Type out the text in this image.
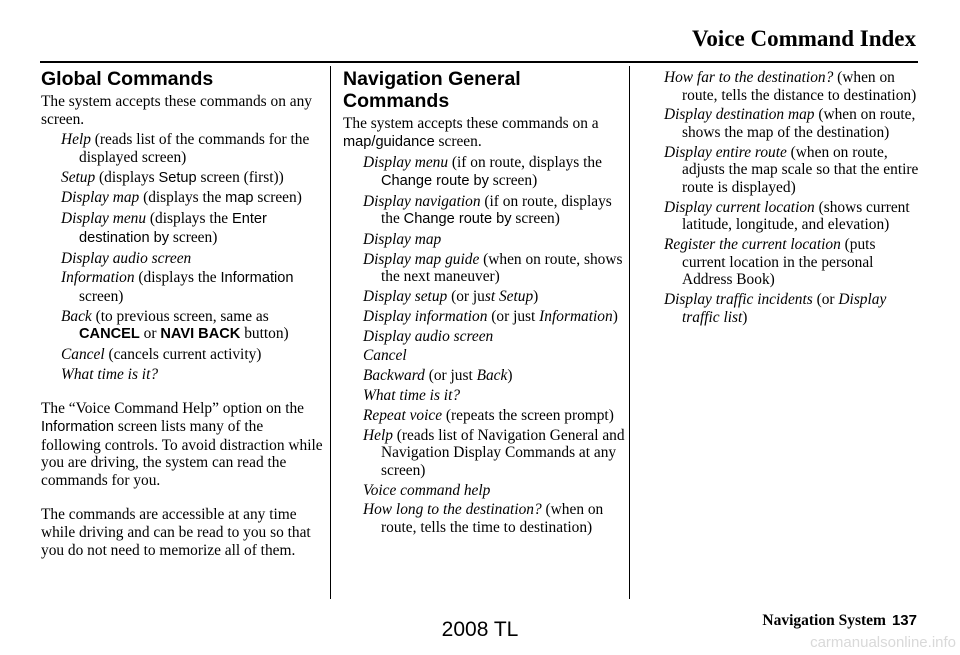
Voice Command Index
Global Commands

The system accepts these commands on any screen.

Help (reads list of the commands for the displayed screen)
Setup (displays Setup screen (first))
Display map (displays the map screen)
Display menu (displays the Enter destination by screen)
Display audio screen
Information (displays the Information screen)
Back (to previous screen, same as CANCEL or NAVI BACK button)
Cancel (cancels current activity)
What time is it?

The “Voice Command Help” option on the Information screen lists many of the following controls. To avoid distraction while you are driving, the system can read the commands for you.

The commands are accessible at any time while driving and can be read to you so that you do not need to memorize all of them.

Navigation General Commands

The system accepts these commands on a map/guidance screen.

Display menu (if on route, displays the Change route by screen)
Display navigation (if on route, displays the Change route by screen)
Display map
Display map guide (when on route, shows the next maneuver)
Display setup (or just Setup)
Display information (or just Information)
Display audio screen
Cancel
Backward (or just Back)
What time is it?
Repeat voice (repeats the screen prompt)
Help (reads list of Navigation General and Navigation Display Commands at any screen)
Voice command help
How long to the destination? (when on route, tells the time to destination)
How far to the destination? (when on route, tells the distance to destination)
Display destination map (when on route, shows the map of the destination)
Display entire route (when on route, adjusts the map scale so that the entire route is displayed)
Display current location (shows current latitude, longitude, and elevation)
Register the current location (puts current location in the personal Address Book)
Display traffic incidents (or Display traffic list)
Navigation System 137
2008 TL
carmanualsonline.info
